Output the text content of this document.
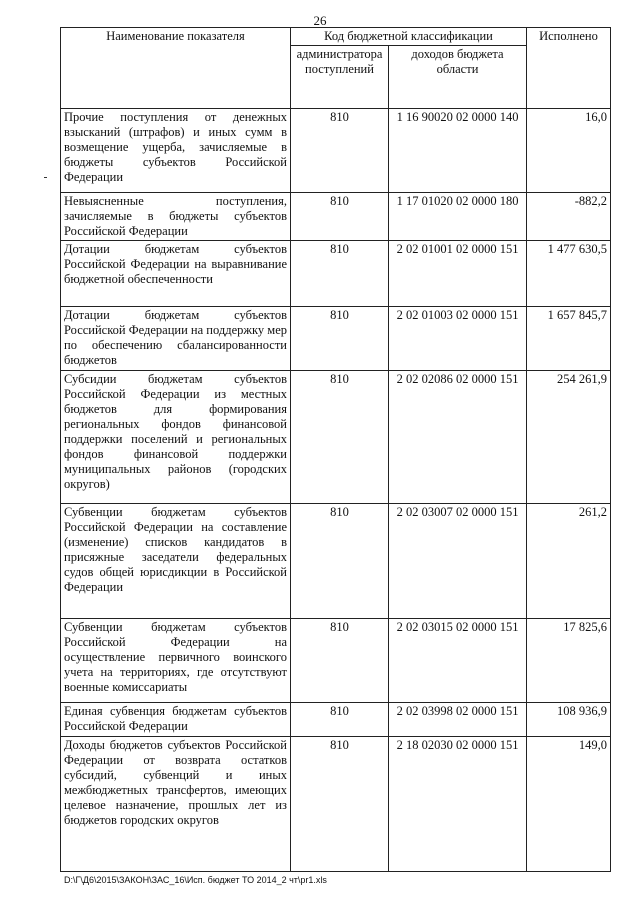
26
Наименование показателя	Код бюджетной классификации		Исполнено
	администратора поступлений	доходов бюджета области	
Прочие поступления от денежных взысканий (штрафов) и иных сумм в возмещение ущерба, зачисляемые в бюджеты субъектов Российской Федерации	810	1 16 90020 02 0000 140	16,0
Невыясненные поступления, зачисляемые в бюджеты субъектов Российской Федерации	810	1 17 01020 02 0000 180	-882,2
Дотации бюджетам субъектов Российской Федерации на выравнивание бюджетной обеспеченности	810	2 02 01001 02 0000 151	1 477 630,5
Дотации бюджетам субъектов Российской Федерации на поддержку мер по обеспечению сбалансированности бюджетов	810	2 02 01003 02 0000 151	1 657 845,7
Субсидии бюджетам субъектов Российской Федерации из местных бюджетов для формирования региональных фондов финансовой поддержки поселений и региональных фондов финансовой поддержки муниципальных районов (городских округов)	810	2 02 02086 02 0000 151	254 261,9
Субвенции бюджетам субъектов Российской Федерации на составление (изменение) списков кандидатов в присяжные заседатели федеральных судов общей юрисдикции в Российской Федерации	810	2 02 03007 02 0000 151	261,2
Субвенции бюджетам субъектов Российской Федерации на осуществление первичного воинского учета на территориях, где отсутствуют военные комиссариаты	810	2 02 03015 02 0000 151	17 825,6
Единая субвенция бюджетам субъектов Российской Федерации	810	2 02 03998 02 0000 151	108 936,9
Доходы бюджетов субъектов Российской Федерации от возврата остатков субсидий, субвенций и иных межбюджетных трансфертов, имеющих целевое назначение, прошлых лет из бюджетов городских округов	810	2 18 02030 02 0000 151	149,0
D:\Г\Д6\2015\ЗАКОН\ЗАС_16\Исп. бюджет ТО 2014_2 чт\pr1.xls
